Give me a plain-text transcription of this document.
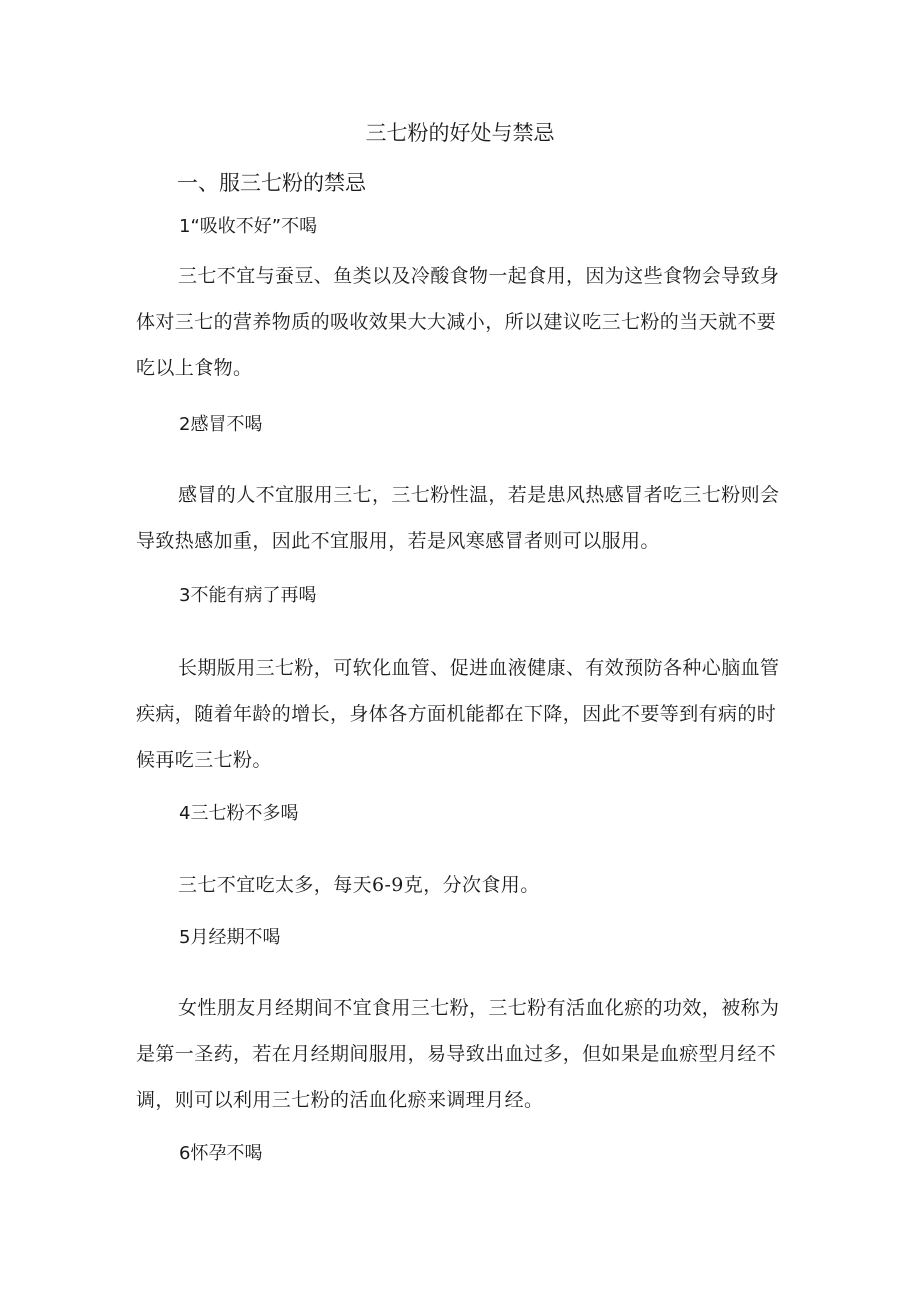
三七粉的好处与禁忌
一、服三七粉的禁忌
1“吸收不好”不喝
三七不宜与蚕豆、鱼类以及冷酸食物一起食用，因为这些食物会导致身体对三七的营养物质的吸收效果大大减小，所以建议吃三七粉的当天就不要吃以上食物。
2感冒不喝
感冒的人不宜服用三七，三七粉性温，若是患风热感冒者吃三七粉则会导致热感加重，因此不宜服用，若是风寒感冒者则可以服用。
3不能有病了再喝
长期版用三七粉，可软化血管、促进血液健康、有效预防各种心脑血管疾病，随着年龄的增长，身体各方面机能都在下降，因此不要等到有病的时候再吃三七粉。
4三七粉不多喝
三七不宜吃太多，每天6-9克，分次食用。
5月经期不喝
女性朋友月经期间不宜食用三七粉，三七粉有活血化瘀的功效，被称为是第一圣药，若在月经期间服用，易导致出血过多，但如果是血瘀型月经不调，则可以利用三七粉的活血化瘀来调理月经。
6怀孕不喝
